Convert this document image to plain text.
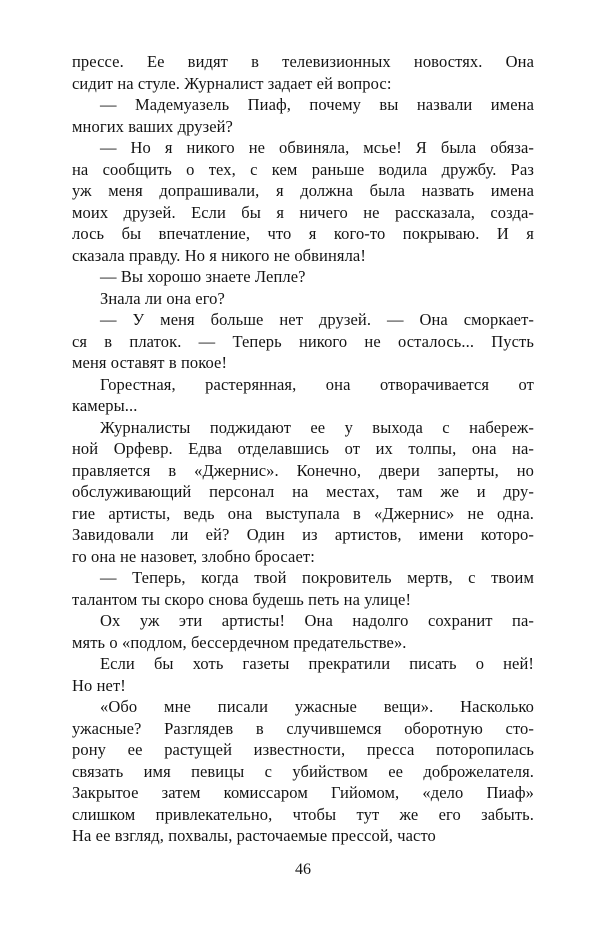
прессе. Ее видят в телевизионных новостях. Она
сидит на стуле. Журналист задает ей вопрос:

— Мадемуазель Пиаф, почему вы назвали имена
многих ваших друзей?

— Но я никого не обвиняла, мсье! Я была обяза-
на сообщить о тех, с кем раньше водила дружбу. Раз
уж меня допрашивали, я должна была назвать имена
моих друзей. Если бы я ничего не рассказала, созда-
лось бы впечатление, что я кого-то покрываю. И я
сказала правду. Но я никого не обвиняла!

— Вы хорошо знаете Лепле?

Знала ли она его?

— У меня больше нет друзей. — Она сморкает-
ся в платок. — Теперь никого не осталось... Пусть
меня оставят в покое!

Горестная, растерянная, она отворачивается от
камеры...

Журналисты поджидают ее у выхода с набереж-
ной Орфевр. Едва отделавшись от их толпы, она на-
правляется в «Джернис». Конечно, двери заперты, но
обслуживающий персонал на местах, там же и дру-
гие артисты, ведь она выступала в «Джернис» не одна.
Завидовали ли ей? Один из артистов, имени которо-
го она не назовет, злобно бросает:

— Теперь, когда твой покровитель мертв, с твоим
талантом ты скоро снова будешь петь на улице!

Ох уж эти артисты! Она надолго сохранит па-
мять о «подлом, бессердечном предательстве».

Если бы хоть газеты прекратили писать о ней!
Но нет!

«Обо мне писали ужасные вещи». Насколько
ужасные? Разглядев в случившемся оборотную сто-
рону ее растущей известности, пресса поторопилась
связать имя певицы с убийством ее доброжелателя.
Закрытое затем комиссаром Гийомом, «дело Пиаф»
слишком привлекательно, чтобы тут же его забыть.
На ее взгляд, похвалы, расточаемые прессой, часто

46
